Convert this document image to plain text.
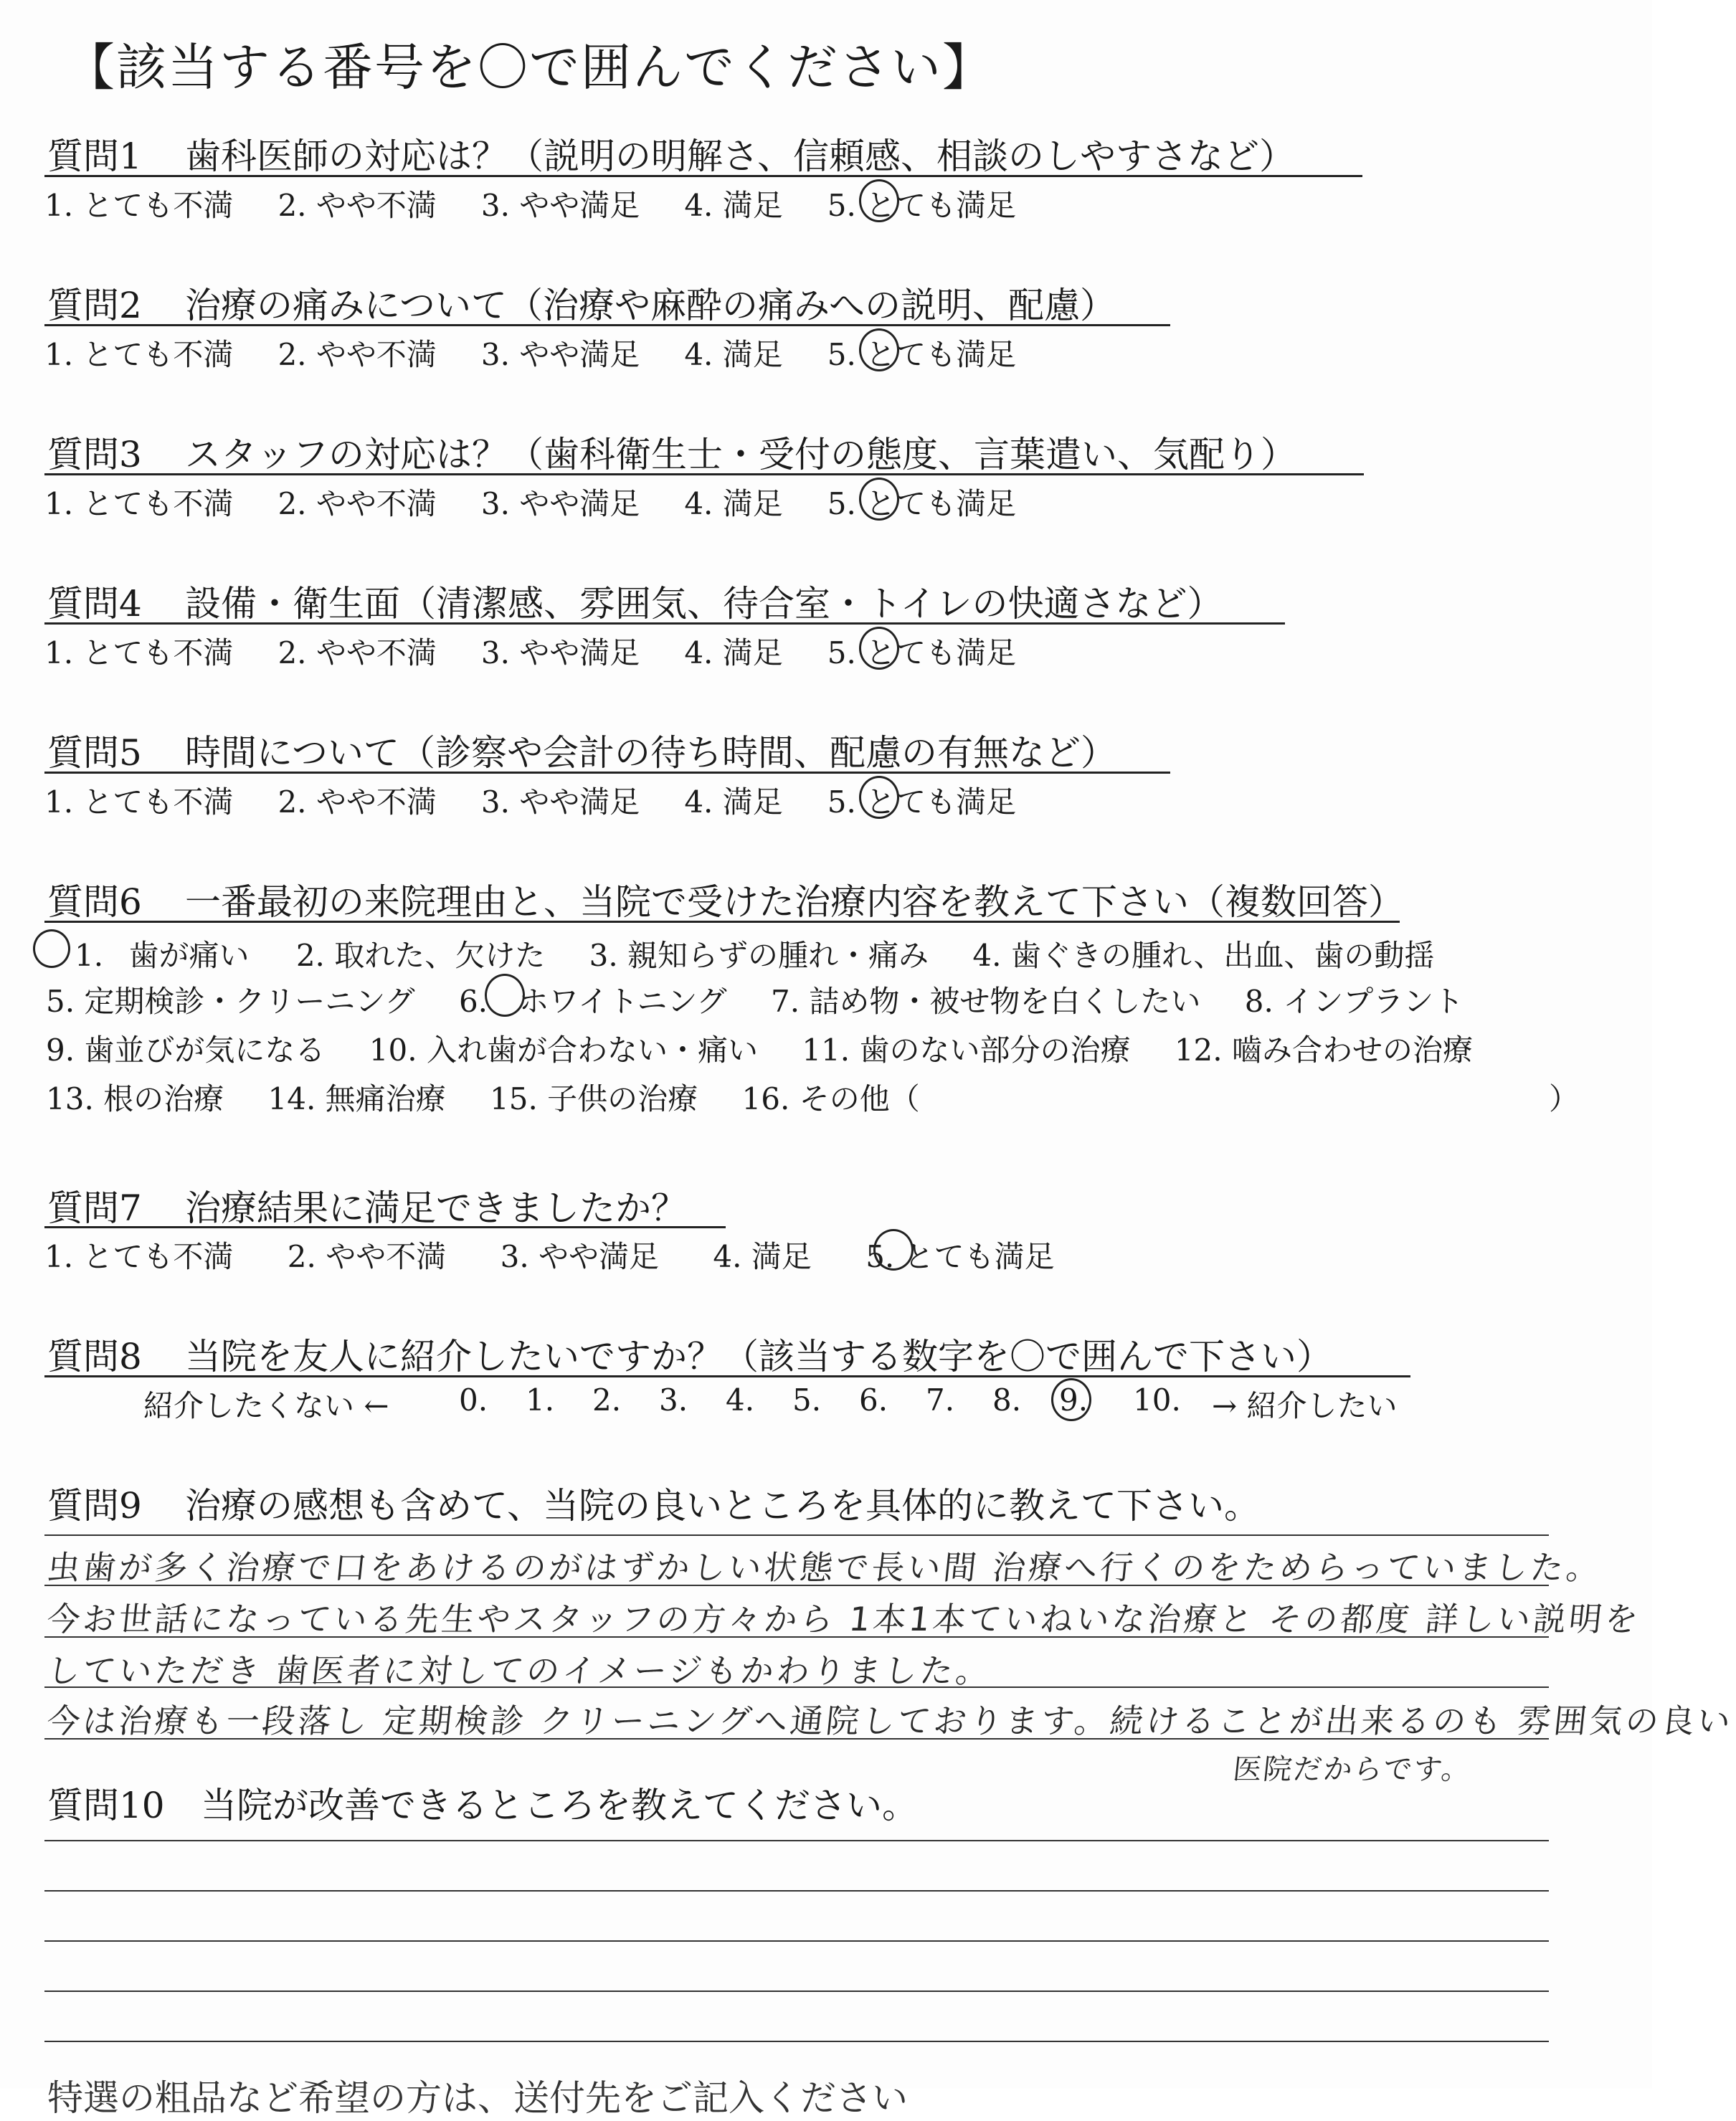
【該当する番号を〇で囲んでください】
質問1 歯科医師の対応は？（説明の明解さ、信頼感、相談のしやすさなど）
1. とても不満 2. やや不満 3. やや満足 4. 満足 5. とても満足
質問2 治療の痛みについて（治療や麻酔の痛みへの説明、配慮）
1. とても不満 2. やや不満 3. やや満足 4. 満足 5. とても満足
質問3 スタッフの対応は？（歯科衛生士・受付の態度、言葉遣い、気配り）
1. とても不満 2. やや不満 3. やや満足 4. 満足 5. とても満足
質問4 設備・衛生面（清潔感、雰囲気、待合室・トイレの快適さなど）
1. とても不満 2. やや不満 3. やや満足 4. 満足 5. とても満足
質問5 時間について（診察や会計の待ち時間、配慮の有無など）
1. とても不満 2. やや不満 3. やや満足 4. 満足 5. とても満足
質問6 一番最初の来院理由と、当院で受けた治療内容を教えて下さい（複数回答）
1. 歯が痛い 2. 取れた、欠けた 3. 親知らずの腫れ・痛み 4. 歯ぐきの腫れ、出血、歯の動揺
5. 定期検診・クリーニング 6. ホワイトニング 7. 詰め物・被せ物を白くしたい 8. インプラント
9. 歯並びが気になる 10. 入れ歯が合わない・痛い 11. 歯のない部分の治療 12. 嚙み合わせの治療
13. 根の治療 14. 無痛治療 15. 子供の治療 16. その他（	）
質問7 治療結果に満足できましたか？
1. とても不満 2. やや不満 3. やや満足 4. 満足 5. とても満足
質問8 当院を友人に紹介したいですか？（該当する数字を〇で囲んで下さい）
紹介したくない ← 0. 1. 2. 3. 4. 5. 6. 7. 8. 9. 10. → 紹介したい
質問9 治療の感想も含めて、当院の良いところを具体的に教えて下さい。
虫歯が多く治療で口をあけるのがはずかしい状態で長い間 治療へ行くのをためらっていました。
今お世話になっている先生やスタッフの方々から 1本1本ていねいな治療と その都度 詳しい説明を
していただき 歯医者に対してのイメージもかわりました。
今は治療も一段落し 定期検診 クリーニングへ通院しております。続けることが出来るのも 雰囲気の良い
医院だからです。
質問10 当院が改善できるところを教えてください。
特選の粗品など希望の方は、送付先をご記入ください
